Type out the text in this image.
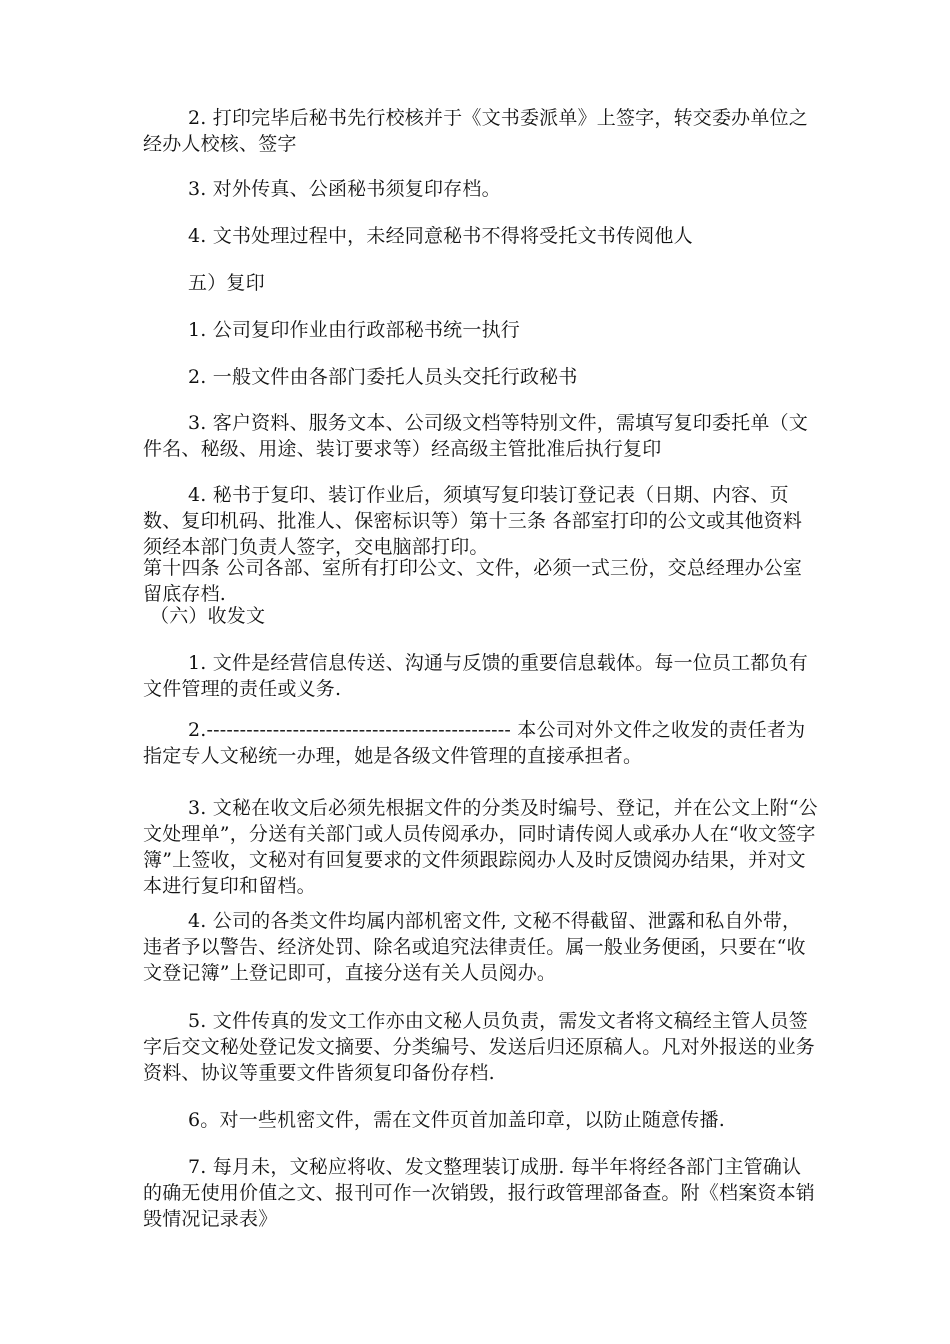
2. 打印完毕后秘书先行校核并于《文书委派单》上签字，转交委办单位之经办人校核、签字
3. 对外传真、公函秘书须复印存档。
4. 文书处理过程中，未经同意秘书不得将受托文书传阅他人
五）复印
1. 公司复印作业由行政部秘书统一执行
2. 一般文件由各部门委托人员头交托行政秘书
3. 客户资料、服务文本、公司级文档等特别文件，需填写复印委托单（文件名、秘级、用途、装订要求等）经高级主管批准后执行复印
4. 秘书于复印、装订作业后，须填写复印装订登记表（日期、内容、页数、复印机码、批准人、保密标识等）第十三条 各部室打印的公文或其他资料须经本部门负责人签字，交电脑部打印。
第十四条 公司各部、室所有打印公文、文件，必须一式三份，交总经理办公室留底存档.
（六）收发文
1. 文件是经营信息传送、沟通与反馈的重要信息载体。每一位员工都负有文件管理的责任或义务.
2.---------------------------------------------- 本公司对外文件之收发的责任者为指定专人文秘统一办理，她是各级文件管理的直接承担者。
3. 文秘在收文后必须先根据文件的分类及时编号、登记，并在公文上附“公文处理单”，分送有关部门或人员传阅承办，同时请传阅人或承办人在“收文签字簿”上签收，文秘对有回复要求的文件须跟踪阅办人及时反馈阅办结果，并对文本进行复印和留档。
4. 公司的各类文件均属内部机密文件, 文秘不得截留、泄露和私自外带，违者予以警告、经济处罚、除名或追究法律责任。属一般业务便函，只要在“收文登记簿”上登记即可，直接分送有关人员阅办。
5. 文件传真的发文工作亦由文秘人员负责，需发文者将文稿经主管人员签字后交文秘处登记发文摘要、分类编号、发送后归还原稿人。凡对外报送的业务资料、协议等重要文件皆须复印备份存档.
6。对一些机密文件，需在文件页首加盖印章，以防止随意传播.
7. 每月未，文秘应将收、发文整理装订成册. 每半年将经各部门主管确认的确无使用价值之文、报刊可作一次销毁，报行政管理部备查。附《档案资本销毁情况记录表》
